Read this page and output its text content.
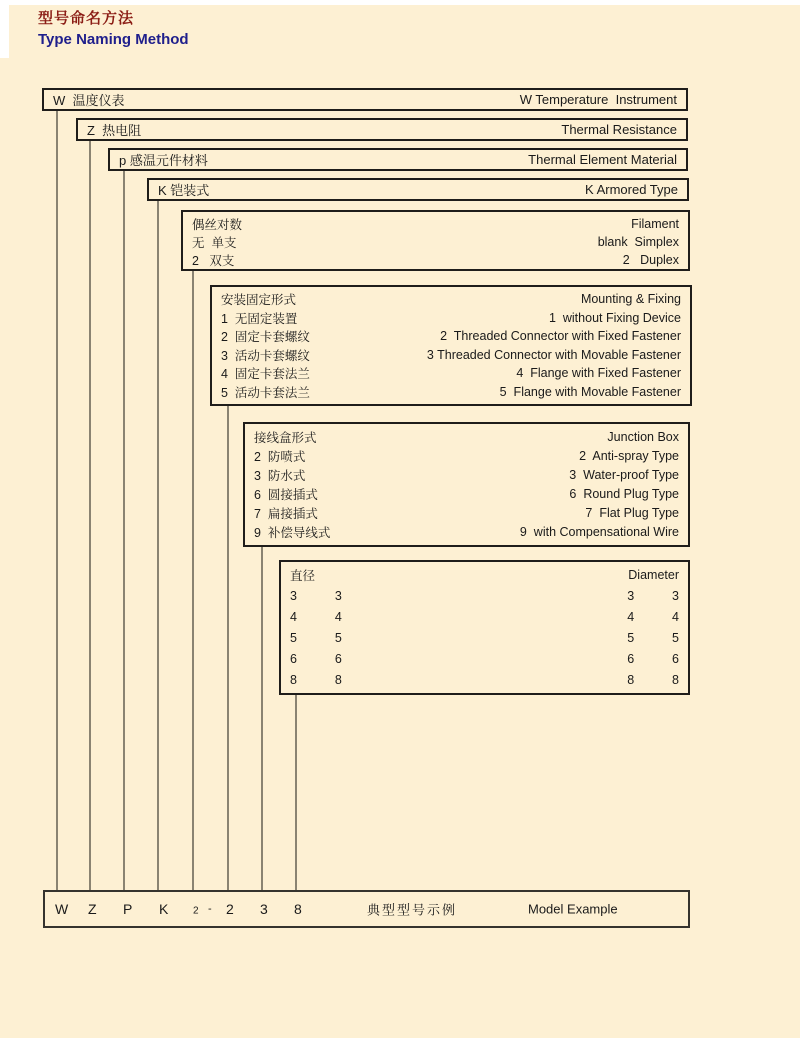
型号命名方法
Type Naming Method
W  温度仪表	W Temperature  Instrument
Z  热电阻	Thermal Resistance
p 感温元件材料	Thermal Element Material
K 铠装式	K Armored Type
偶丝对数	Filament
无  单支	blank  Simplex
2   双支	2   Duplex
安装固定形式	Mounting & Fixing
1  无固定装置	1  without Fixing Device
2  固定卡套螺纹	2  Threaded Connector with Fixed Fastener
3  活动卡套螺纹	3 Threaded Connector with Movable Fastener
4  固定卡套法兰	4  Flange with Fixed Fastener
5  活动卡套法兰	5  Flange with Movable Fastener
接线盒形式	Junction Box
2  防喷式	2  Anti-spray Type
3  防水式	3  Water-proof Type
6  圆接插式	6  Round Plug Type
7  扁接插式	7  Flat Plug Type
9  补偿导线式	9  with Compensational Wire
直径	Diameter
3    3	3    3
4    4	4    4
5    5	5    5
6    6	6    6
8    8	8    8
W Z P K 2 - 2 3 8	典型型号示例	Model Example
